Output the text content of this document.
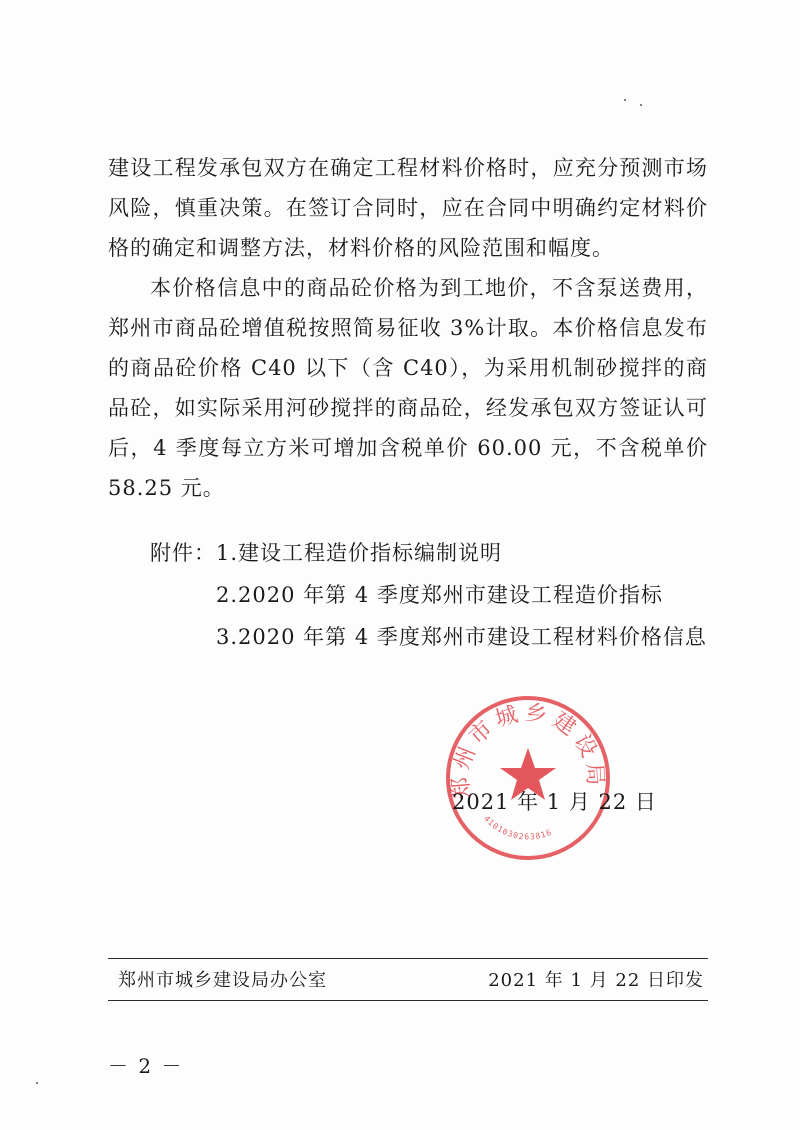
建设工程发承包双方在确定工程材料价格时，应充分预测市场风险，慎重决策。在签订合同时，应在合同中明确约定材料价格的确定和调整方法，材料价格的风险范围和幅度。

本价格信息中的商品砼价格为到工地价，不含泵送费用，郑州市商品砼增值税按照简易征收 3%计取。本价格信息发布的商品砼价格 C40 以下（含 C40），为采用机制砂搅拌的商品砼，如实际采用河砂搅拌的商品砼，经发承包双方签证认可后，4 季度每立方米可增加含税单价 60.00 元，不含税单价 58.25 元。

附件：1.建设工程造价指标编制说明
2.2020 年第 4 季度郑州市建设工程造价指标
3.2020 年第 4 季度郑州市建设工程材料价格信息
郑州市城乡建设局
4101030263816
2021 年 1 月 22 日
郑州市城乡建设局办公室	2021 年 1 月 22 日印发
－ 2 －
